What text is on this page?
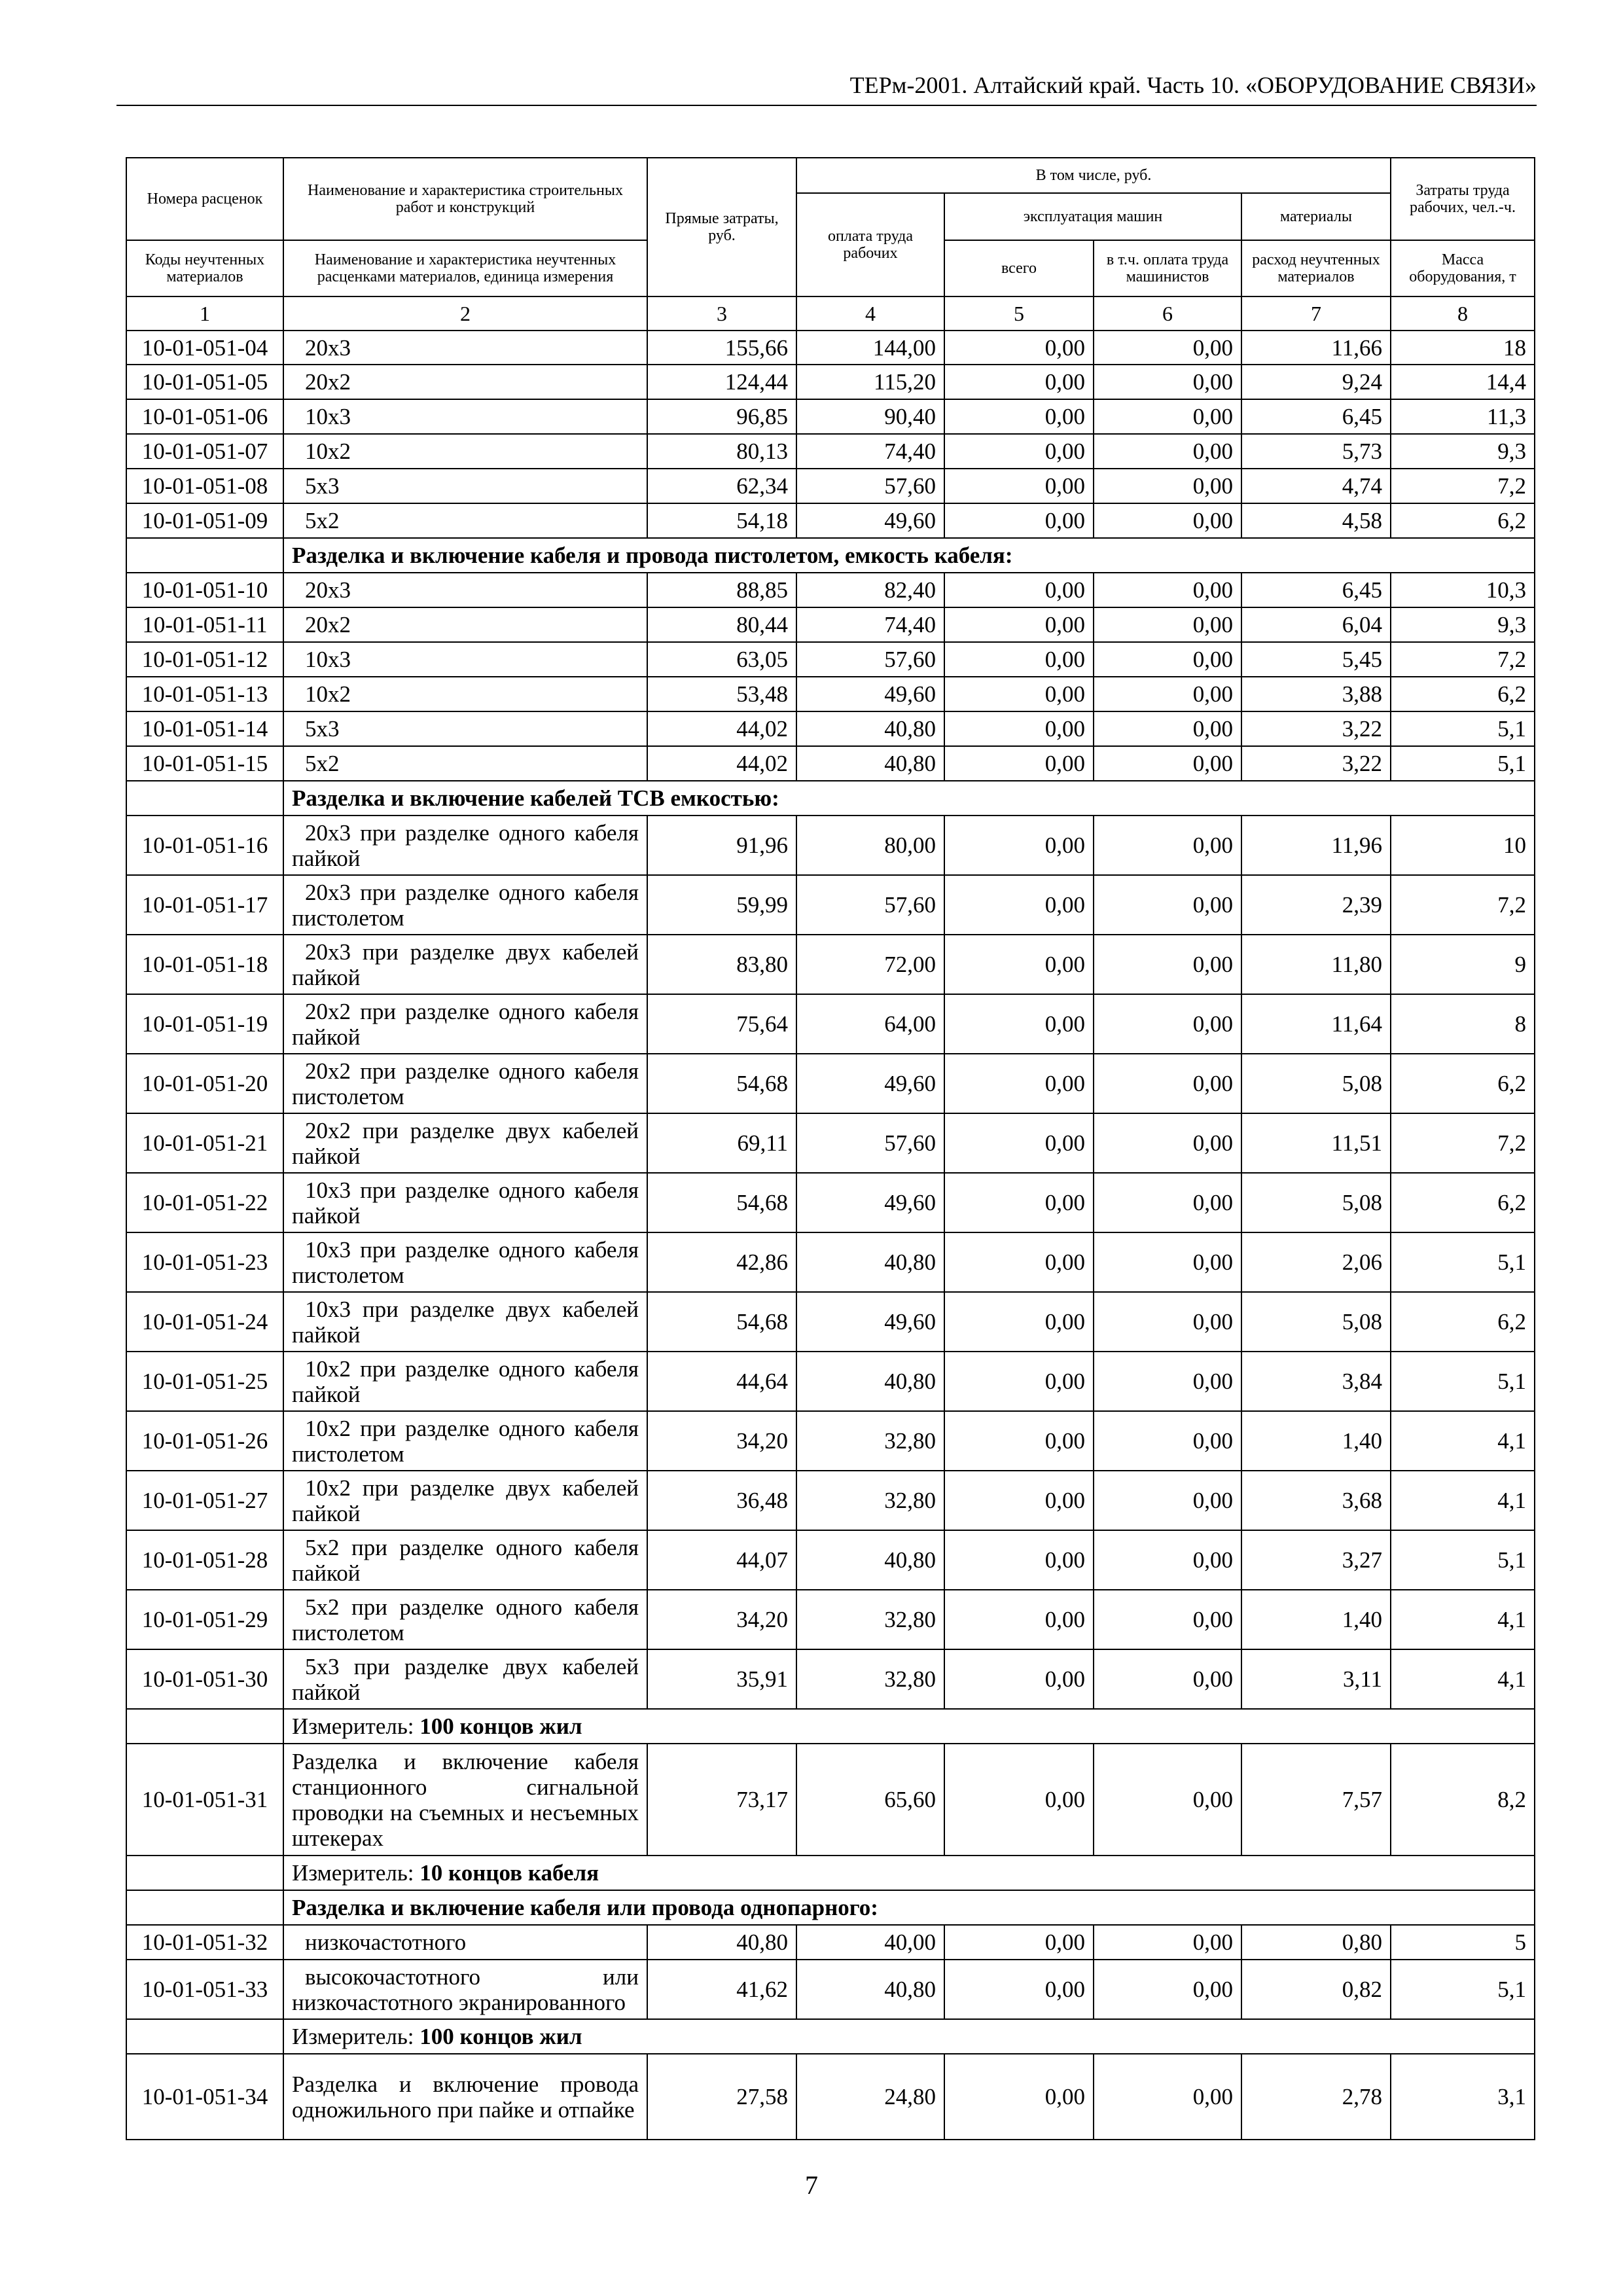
ТЕРм-2001. Алтайский край. Часть 10. «ОБОРУДОВАНИЕ СВЯЗИ»
Номера расценок	Наименование и характеристика строительных работ и конструкций	Прямые затраты, руб.	В том числе, руб.				Затраты труда рабочих, чел.-ч.
			оплата труда рабочих	эксплуатация машин		материалы	

Коды неучтенных материалов	Наименование и характеристика неучтенных расценками материалов, единица измерения			всего	в т.ч. оплата труда машинистов	расход неучтенных материалов	Масса оборудования, т

1	2	3	4	5	6	7	8
10-01-051-04	20х3	155,66	144,00	0,00	0,00	11,66	18
10-01-051-05	20х2	124,44	115,20	0,00	0,00	9,24	14,4
10-01-051-06	10х3	96,85	90,40	0,00	0,00	6,45	11,3
10-01-051-07	10х2	80,13	74,40	0,00	0,00	5,73	9,3
10-01-051-08	5х3	62,34	57,60	0,00	0,00	4,74	7,2
10-01-051-09	5х2	54,18	49,60	0,00	0,00	4,58	6,2
	Разделка и включение кабеля и провода пистолетом, емкость кабеля:						
10-01-051-10	20х3	88,85	82,40	0,00	0,00	6,45	10,3
10-01-051-11	20х2	80,44	74,40	0,00	0,00	6,04	9,3
10-01-051-12	10х3	63,05	57,60	0,00	0,00	5,45	7,2
10-01-051-13	10х2	53,48	49,60	0,00	0,00	3,88	6,2
10-01-051-14	5х3	44,02	40,80	0,00	0,00	3,22	5,1
10-01-051-15	5х2	44,02	40,80	0,00	0,00	3,22	5,1
	Разделка и включение кабелей ТСВ емкостью:						
10-01-051-16	20х3 при разделке одного кабеля пайкой	91,96	80,00	0,00	0,00	11,96	10
10-01-051-17	20х3 при разделке одного кабеля пистолетом	59,99	57,60	0,00	0,00	2,39	7,2
10-01-051-18	20х3 при разделке двух кабелей пайкой	83,80	72,00	0,00	0,00	11,80	9
10-01-051-19	20х2 при разделке одного кабеля пайкой	75,64	64,00	0,00	0,00	11,64	8
10-01-051-20	20х2 при разделке одного кабеля пистолетом	54,68	49,60	0,00	0,00	5,08	6,2
10-01-051-21	20х2 при разделке двух кабелей пайкой	69,11	57,60	0,00	0,00	11,51	7,2
10-01-051-22	10х3 при разделке одного кабеля пайкой	54,68	49,60	0,00	0,00	5,08	6,2
10-01-051-23	10х3 при разделке одного кабеля пистолетом	42,86	40,80	0,00	0,00	2,06	5,1
10-01-051-24	10х3 при разделке двух кабелей пайкой	54,68	49,60	0,00	0,00	5,08	6,2
10-01-051-25	10х2 при разделке одного кабеля пайкой	44,64	40,80	0,00	0,00	3,84	5,1
10-01-051-26	10х2 при разделке одного кабеля пистолетом	34,20	32,80	0,00	0,00	1,40	4,1
10-01-051-27	10х2 при разделке двух кабелей пайкой	36,48	32,80	0,00	0,00	3,68	4,1
10-01-051-28	5х2 при разделке одного кабеля пайкой	44,07	40,80	0,00	0,00	3,27	5,1
10-01-051-29	5х2 при разделке одного кабеля пистолетом	34,20	32,80	0,00	0,00	1,40	4,1
10-01-051-30	5х3 при разделке двух кабелей пайкой	35,91	32,80	0,00	0,00	3,11	4,1
	Измеритель: 100 концов жил						
10-01-051-31	Разделка и включение кабеля станционного сигнальной проводки на съемных и несъемных штекерах	73,17	65,60	0,00	0,00	7,57	8,2
	Измеритель: 10 концов кабеля						
	Разделка и включение кабеля или провода однопарного:						
10-01-051-32	низкочастотного	40,80	40,00	0,00	0,00	0,80	5
10-01-051-33	высокочастотного или низкочастотного экранированного	41,62	40,80	0,00	0,00	0,82	5,1
	Измеритель: 100 концов жил						
10-01-051-34	Разделка и включение провода одножильного при пайке и отпайке	27,58	24,80	0,00	0,00	2,78	3,1
7
